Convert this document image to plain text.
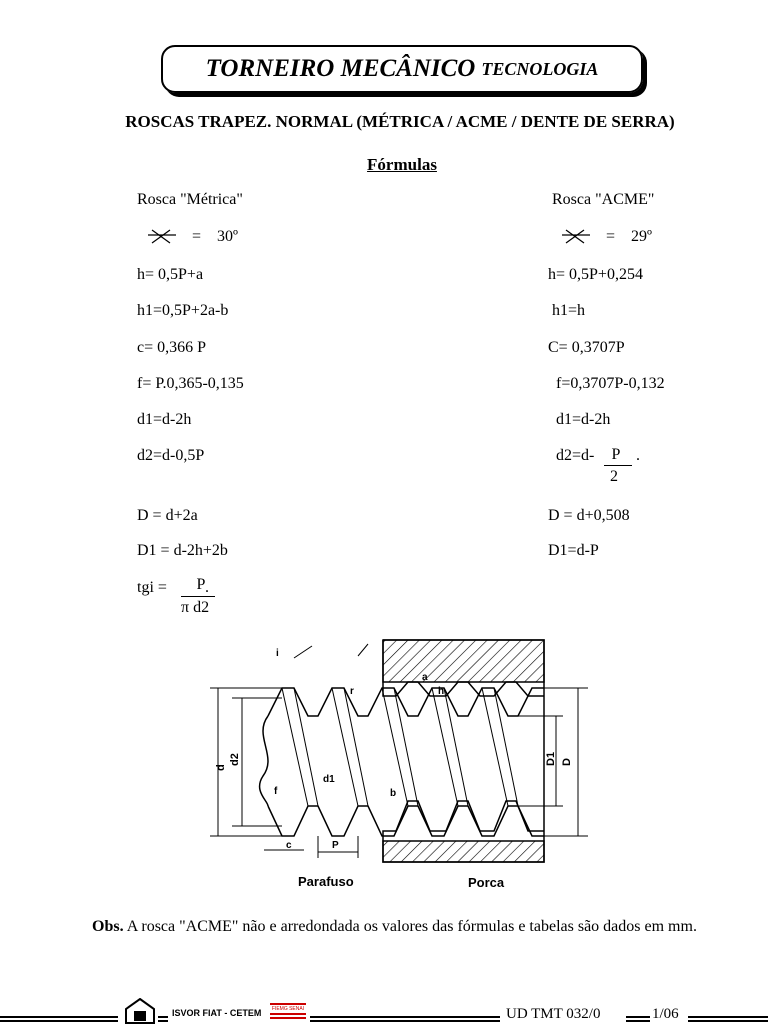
TORNEIRO MECÂNICO TECNOLOGIA
ROSCAS TRAPEZ. NORMAL (MÉTRICA / ACME / DENTE DE SERRA)
Fórmulas
Rosca "Métrica"
=    30º
h= 0,5P+a
h1=0,5P+2a-b
c= 0,366 P
f= P.0,365-0,135
d1=d-2h
d2=d-0,5P
D = d+2a
D1 = d-2h+2b
tgi =	P .
π d2
Rosca "ACME"
=    29º
h= 0,5P+0,254
h1=h
C= 0,3707P
f=0,3707P-0,132
d1=d-2h
d2=d-	P .
2
D = d+0,508
D1=d-P
d
d2	D1 D
i
r
a
h
f	b
c	P
d1
Parafuso	Porca
Obs. A rosca "ACME" não e arredondada os valores das fórmulas e tabelas são dados em mm.
ISVOR FIAT - CETEM	FIEMG SENAI	UD TMT 032/0	1/06
